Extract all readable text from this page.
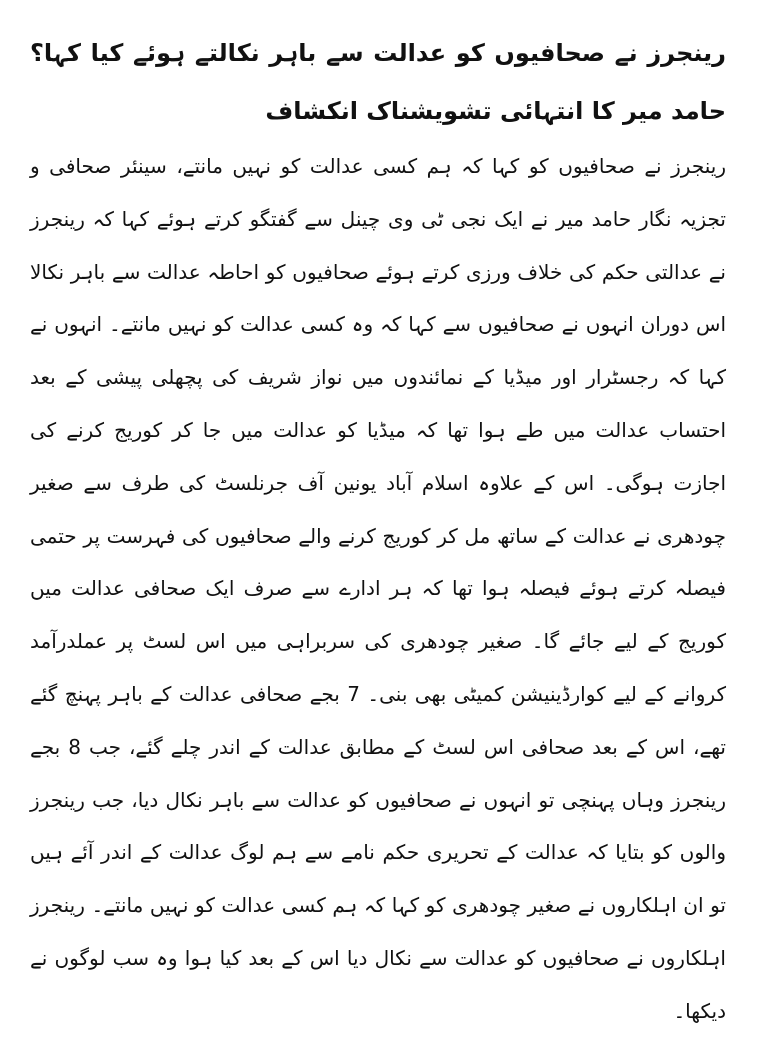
رینجرز نے صحافیوں کو عدالت سے باہر نکالتے ہوئے کیا کہا؟ حامد میر کا انتہائی تشویشناک انکشاف

رینجرز نے صحافیوں کو کہا کہ ہم کسی عدالت کو نہیں مانتے، سینئر صحافی و تجزیہ نگار حامد میر نے ایک نجی ٹی وی چینل سے گفتگو کرتے ہوئے کہا کہ رینجرز نے عدالتی حکم کی خلاف ورزی کرتے ہوئے صحافیوں کو احاطہ عدالت سے باہر نکالا اس دوران انہوں نے صحافیوں سے کہا کہ وہ کسی عدالت کو نہیں مانتے۔ انہوں نے کہا کہ رجسٹرار اور میڈیا کے نمائندوں میں نواز شریف کی پچھلی پیشی کے بعد احتساب عدالت میں طے ہوا تھا کہ میڈیا کو عدالت میں جا کر کوریج کرنے کی اجازت ہوگی۔ اس کے علاوہ اسلام آباد یونین آف جرنلسٹ کی طرف سے صغیر چودھری نے عدالت کے ساتھ مل کر کوریج کرنے والے صحافیوں کی فہرست پر حتمی فیصلہ کرتے ہوئے فیصلہ ہوا تھا کہ ہر ادارے سے صرف ایک صحافی عدالت میں کوریج کے لیے جائے گا۔ صغیر چودھری کی سربراہی میں اس لسٹ پر عملدرآمد کروانے کے لیے کوارڈینیشن کمیٹی بھی بنی۔ 7 بجے صحافی عدالت کے باہر پہنچ گئے تھے، اس کے بعد صحافی اس لسٹ کے مطابق عدالت کے اندر چلے گئے، جب 8 بجے رینجرز وہاں پہنچی تو انہوں نے صحافیوں کو عدالت سے باہر نکال دیا، جب رینجرز والوں کو بتایا کہ عدالت کے تحریری حکم نامے سے ہم لوگ عدالت کے اندر آئے ہیں تو ان اہلکاروں نے صغیر چودھری کو کہا کہ ہم کسی عدالت کو نہیں مانتے۔ رینجرز اہلکاروں نے صحافیوں کو عدالت سے نکال دیا اس کے بعد کیا ہوا وہ سب لوگوں نے دیکھا۔
